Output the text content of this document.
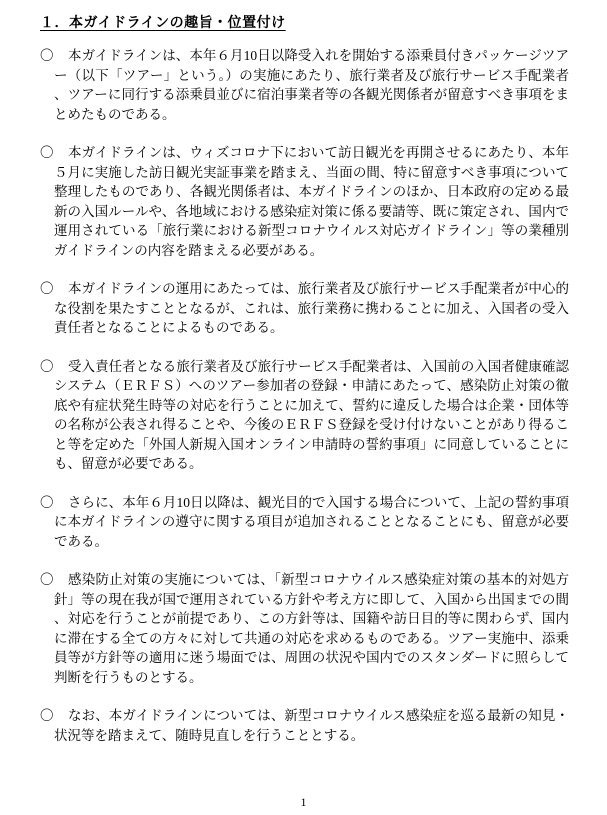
１．本ガイドラインの趣旨・位置付け
〇 本ガイドラインは、本年６月10日以降受入れを開始する添乗員付きパッケージツアー（以下「ツアー」という。）の実施にあたり、旅行業者及び旅行サービス手配業者、ツアーに同行する添乗員並びに宿泊事業者等の各観光関係者が留意すべき事項をまとめたものである。
〇 本ガイドラインは、ウィズコロナ下において訪日観光を再開させるにあたり、本年５月に実施した訪日観光実証事業を踏まえ、当面の間、特に留意すべき事項について整理したものであり、各観光関係者は、本ガイドラインのほか、日本政府の定める最新の入国ルールや、各地域における感染症対策に係る要請等、既に策定され、国内で運用されている「旅行業における新型コロナウイルス対応ガイドライン」等の業種別ガイドラインの内容を踏まえる必要がある。
〇 本ガイドラインの運用にあたっては、旅行業者及び旅行サービス手配業者が中心的な役割を果たすこととなるが、これは、旅行業務に携わることに加え、入国者の受入責任者となることによるものである。
〇 受入責任者となる旅行業者及び旅行サービス手配業者は、入国前の入国者健康確認システム（ＥＲＦＳ）へのツアー参加者の登録・申請にあたって、感染防止対策の徹底や有症状発生時等の対応を行うことに加えて、誓約に違反した場合は企業・団体等の名称が公表され得ることや、今後のＥＲＦＳ登録を受け付けないことがあり得ること等を定めた「外国人新規入国オンライン申請時の誓約事項」に同意していることにも、留意が必要である。
〇 さらに、本年６月10日以降は、観光目的で入国する場合について、上記の誓約事項に本ガイドラインの遵守に関する項目が追加されることとなることにも、留意が必要である。
〇 感染防止対策の実施については、「新型コロナウイルス感染症対策の基本的対処方針」等の現在我が国で運用されている方針や考え方に即して、入国から出国までの間、対応を行うことが前提であり、この方針等は、国籍や訪日目的等に関わらず、国内に滞在する全ての方々に対して共通の対応を求めるものである。ツアー実施中、添乗員等が方針等の適用に迷う場面では、周囲の状況や国内でのスタンダードに照らして判断を行うものとする。
〇 なお、本ガイドラインについては、新型コロナウイルス感染症を巡る最新の知見・状況等を踏まえて、随時見直しを行うこととする。
1
